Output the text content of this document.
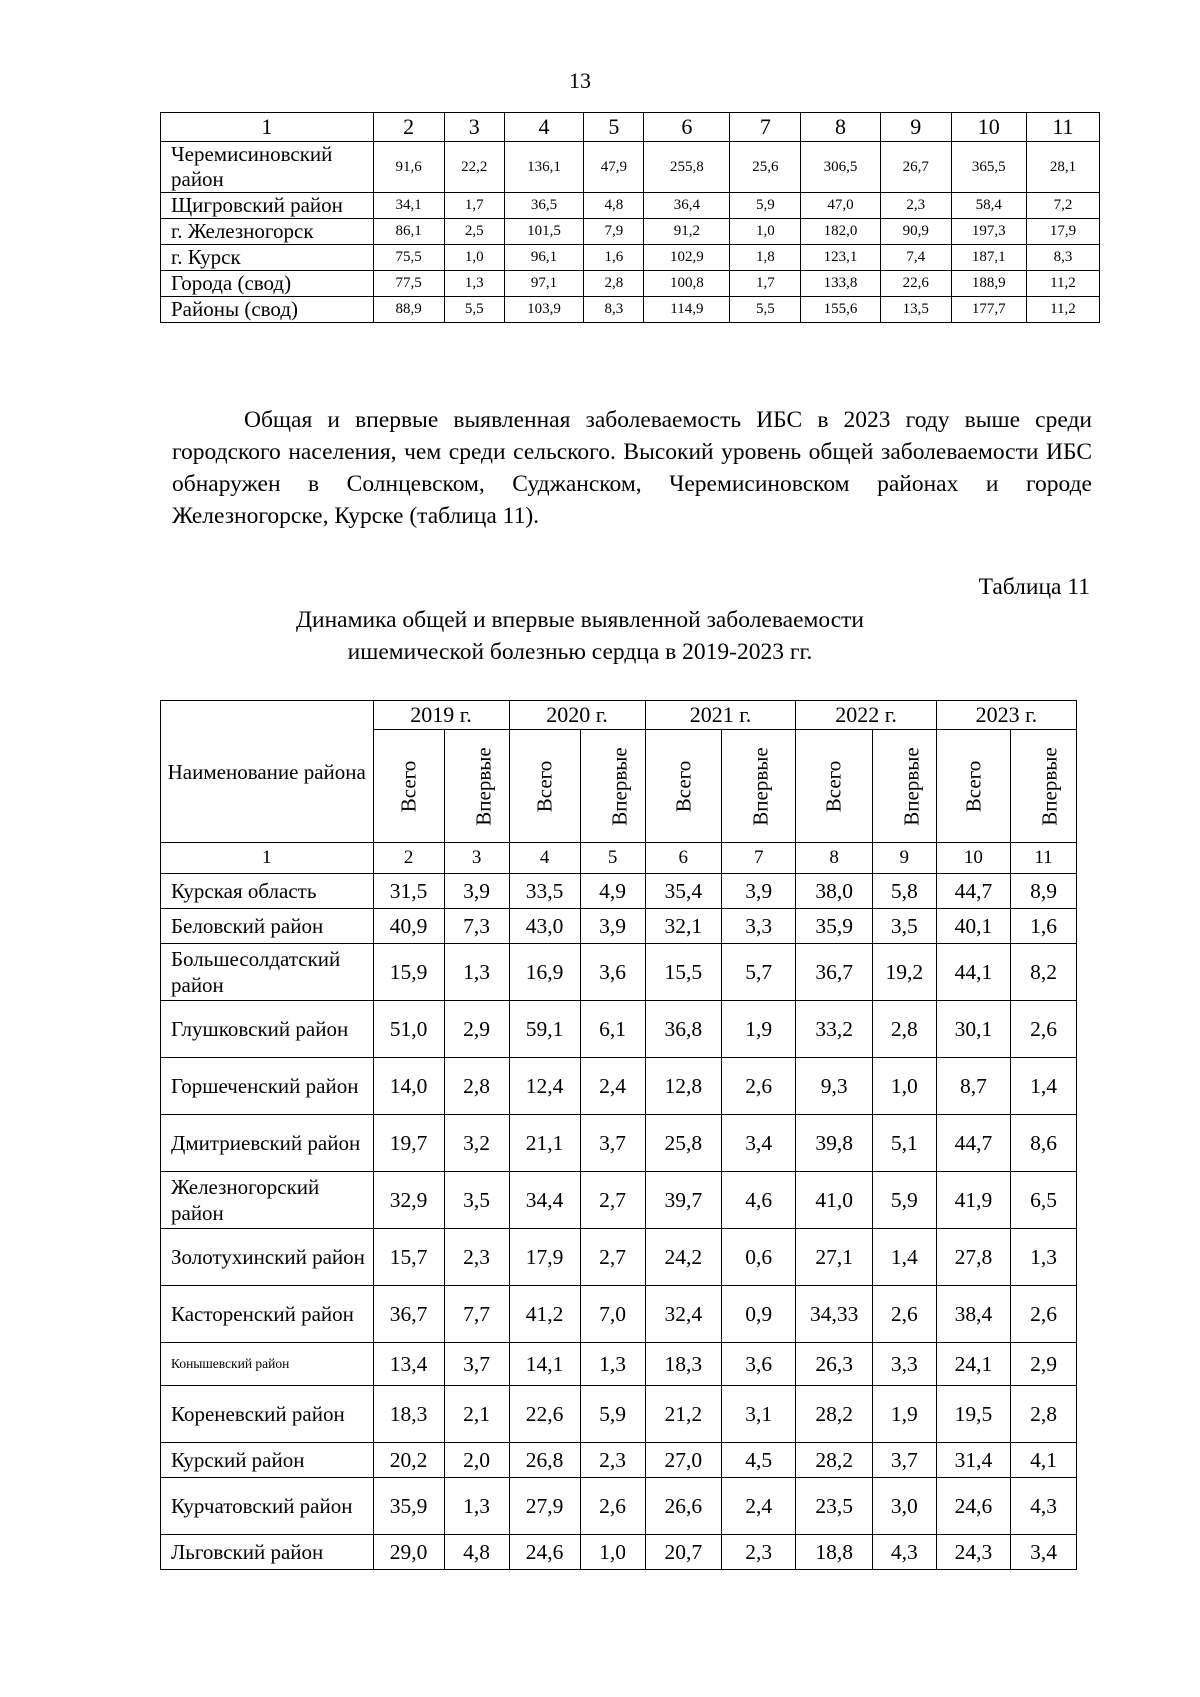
13
1	2	3	4	5	6	7	8	9	10	11
Черемисиновский район	91,6	22,2	136,1	47,9	255,8	25,6	306,5	26,7	365,5	28,1
Щигровский район	34,1	1,7	36,5	4,8	36,4	5,9	47,0	2,3	58,4	7,2
г. Железногорск	86,1	2,5	101,5	7,9	91,2	1,0	182,0	90,9	197,3	17,9
г. Курск	75,5	1,0	96,1	1,6	102,9	1,8	123,1	7,4	187,1	8,3
Города (свод)	77,5	1,3	97,1	2,8	100,8	1,7	133,8	22,6	188,9	11,2
Районы (свод)	88,9	5,5	103,9	8,3	114,9	5,5	155,6	13,5	177,7	11,2

Общая и впервые выявленная заболеваемость ИБС в 2023 году выше среди городского населения, чем среди сельского. Высокий уровень общей заболеваемости ИБС обнаружен в Солнцевском, Суджанском, Черемисиновском районах и городе Железногорске, Курске (таблица 11).

Таблица 11
Динамика общей и впервые выявленной заболеваемости
ишемической болезнью сердца в 2019-2023 гг.
Наименование района	2019 г.		2020 г.		2021 г.		2022 г.		2023 г.	
	Всего	Впервые	Всего	Впервые	Всего	Впервые	Всего	Впервые	Всего	Впервые
1	2	3	4	5	6	7	8	9	10	11
Курская область	31,5	3,9	33,5	4,9	35,4	3,9	38,0	5,8	44,7	8,9
Беловский район	40,9	7,3	43,0	3,9	32,1	3,3	35,9	3,5	40,1	1,6
Большесолдатский район	15,9	1,3	16,9	3,6	15,5	5,7	36,7	19,2	44,1	8,2
Глушковский район	51,0	2,9	59,1	6,1	36,8	1,9	33,2	2,8	30,1	2,6
Горшеченский район	14,0	2,8	12,4	2,4	12,8	2,6	9,3	1,0	8,7	1,4
Дмитриевский район	19,7	3,2	21,1	3,7	25,8	3,4	39,8	5,1	44,7	8,6
Железногорский район	32,9	3,5	34,4	2,7	39,7	4,6	41,0	5,9	41,9	6,5
Золотухинский район	15,7	2,3	17,9	2,7	24,2	0,6	27,1	1,4	27,8	1,3
Касторенский район	36,7	7,7	41,2	7,0	32,4	0,9	34,33	2,6	38,4	2,6
Конышевский район	13,4	3,7	14,1	1,3	18,3	3,6	26,3	3,3	24,1	2,9
Кореневский район	18,3	2,1	22,6	5,9	21,2	3,1	28,2	1,9	19,5	2,8
Курский район	20,2	2,0	26,8	2,3	27,0	4,5	28,2	3,7	31,4	4,1
Курчатовский район	35,9	1,3	27,9	2,6	26,6	2,4	23,5	3,0	24,6	4,3
Льговский район	29,0	4,8	24,6	1,0	20,7	2,3	18,8	4,3	24,3	3,4
